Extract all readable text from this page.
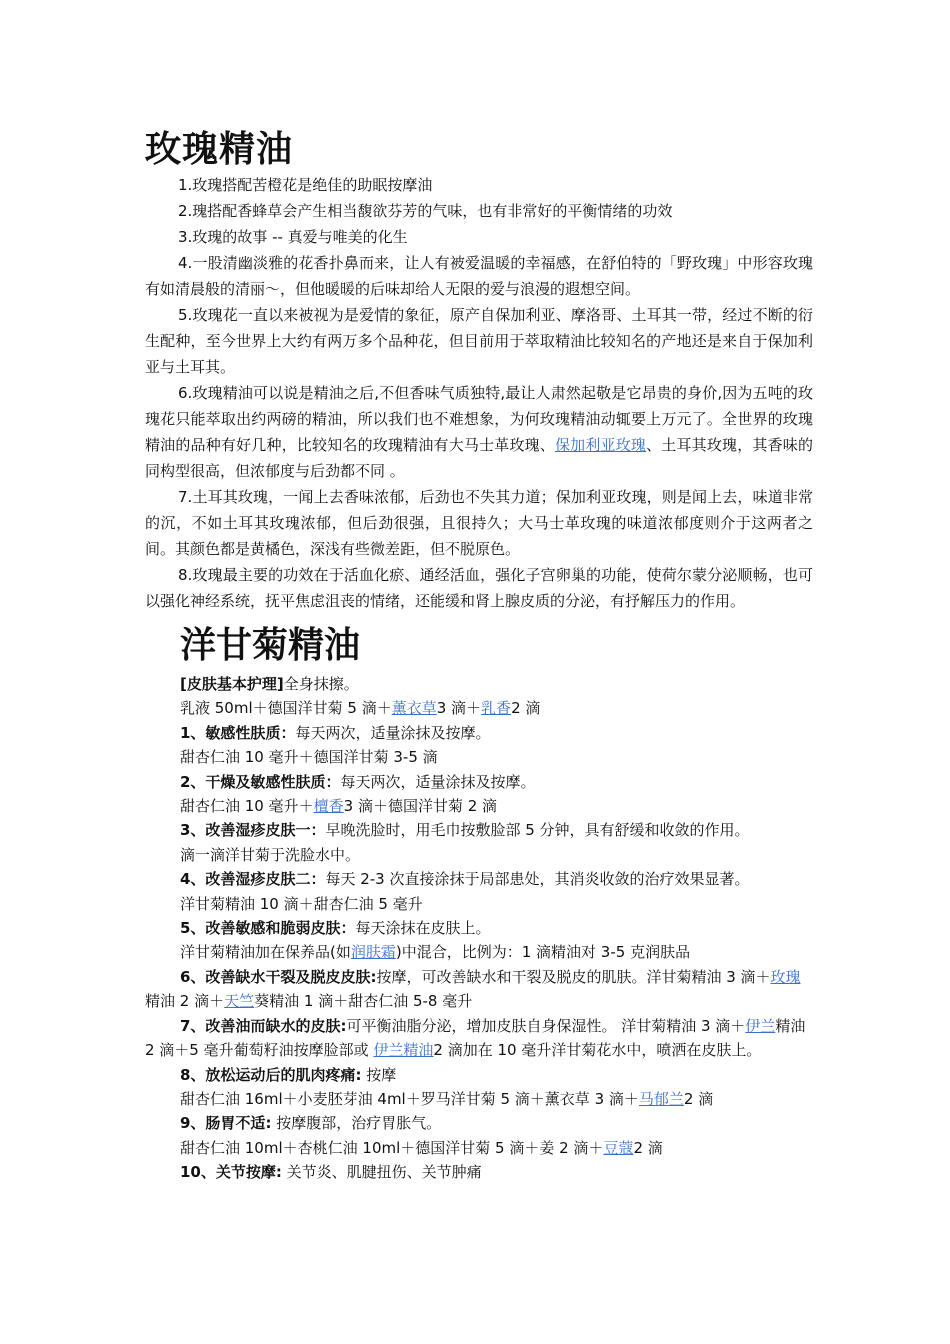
玫瑰精油

1.玫瑰搭配苦橙花是绝佳的助眠按摩油

2.瑰搭配香蜂草会产生相当馥欲芬芳的气味，也有非常好的平衡情绪的功效

3.玫瑰的故事 -- 真爱与唯美的化生

4.一股清幽淡雅的花香扑鼻而来，让人有被爱温暖的幸福感，在舒伯特的「野玫瑰」中形容玫瑰有如清晨般的清丽～，但他暖暖的后味却给人无限的爱与浪漫的遐想空间。

5.玫瑰花一直以来被视为是爱情的象征，原产自保加利亚、摩洛哥、土耳其一带，经过不断的衍生配种，至今世界上大约有两万多个品种花，但目前用于萃取精油比较知名的产地还是来自于保加利亚与土耳其。

6.玫瑰精油可以说是精油之后,不但香味气质独特,最让人肃然起敬是它昂贵的身价,因为五吨的玫瑰花只能萃取出约两磅的精油，所以我们也不难想象，为何玫瑰精油动辄要上万元了。全世界的玫瑰精油的品种有好几种，比较知名的玫瑰精油有大马士革玫瑰、保加利亚玫瑰、土耳其玫瑰，其香味的同构型很高，但浓郁度与后劲都不同 。

7.土耳其玫瑰，一闻上去香味浓郁，后劲也不失其力道；保加利亚玫瑰，则是闻上去，味道非常的沉，不如土耳其玫瑰浓郁，但后劲很强，且很持久；大马士革玫瑰的味道浓郁度则介于这两者之间。其颜色都是黄橘色，深浅有些微差距，但不脱原色。

8.玫瑰最主要的功效在于活血化瘀、通经活血，强化子宫卵巢的功能，使荷尔蒙分泌顺畅，也可以强化神经系统，抚平焦虑沮丧的情绪，还能缓和肾上腺皮质的分泌，有抒解压力的作用。

洋甘菊精油

[皮肤基本护理]全身抹擦。

乳液 50ml＋德国洋甘菊 5 滴＋薰衣草3 滴＋乳香2 滴

1、敏感性肤质：每天两次，适量涂抹及按摩。

甜杏仁油 10 毫升＋德国洋甘菊 3-5 滴

2、干燥及敏感性肤质：每天两次，适量涂抹及按摩。

甜杏仁油 10 毫升＋檀香3 滴＋德国洋甘菊 2 滴

3、改善湿疹皮肤一：早晚洗脸时，用毛巾按敷脸部 5 分钟，具有舒缓和收敛的作用。

滴一滴洋甘菊于洗脸水中。

4、改善湿疹皮肤二：每天 2-3 次直接涂抹于局部患处，其消炎收敛的治疗效果显著。

洋甘菊精油 10 滴＋甜杏仁油 5 毫升

5、改善敏感和脆弱皮肤：每天涂抹在皮肤上。

洋甘菊精油加在保养品(如润肤霜)中混合，比例为：1 滴精油对 3-5 克润肤品

6、改善缺水干裂及脱皮皮肤:按摩，可改善缺水和干裂及脱皮的肌肤。洋甘菊精油 3 滴＋玫瑰精油 2 滴＋天竺葵精油 1 滴＋甜杏仁油 5-8 毫升

7、改善油而缺水的皮肤:可平衡油脂分泌，增加皮肤自身保湿性。 洋甘菊精油 3 滴＋伊兰精油 2 滴＋5 毫升葡萄籽油按摩脸部或 伊兰精油2 滴加在 10 毫升洋甘菊花水中，喷洒在皮肤上。

8、放松运动后的肌肉疼痛: 按摩

甜杏仁油 16ml＋小麦胚芽油 4ml＋罗马洋甘菊 5 滴＋薰衣草 3 滴＋马郁兰2 滴

9、肠胃不适: 按摩腹部，治疗胃胀气。

甜杏仁油 10ml＋杏桃仁油 10ml＋德国洋甘菊 5 滴＋姜 2 滴＋豆蔻2 滴

10、关节按摩: 关节炎、肌腱扭伤、关节肿痛
